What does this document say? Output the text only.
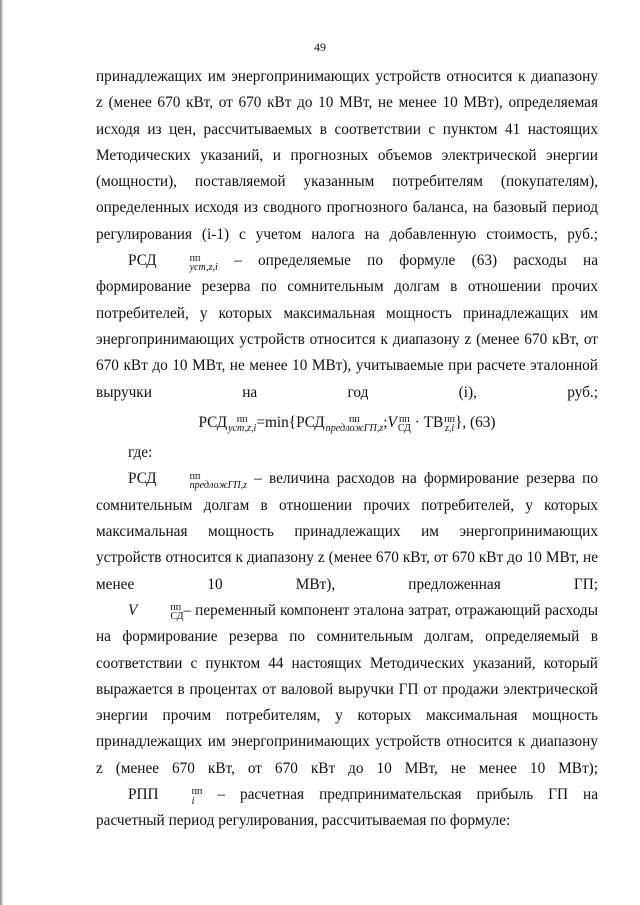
49

принадлежащих им энергопринимающих устройств относится к диапазону z (менее 670 кВт, от 670 кВт до 10 МВт, не менее 10 МВт), определяемая исходя из цен, рассчитываемых в соответствии с пунктом 41 настоящих Методических указаний, и прогнозных объемов электрической энергии (мощности), поставляемой указанным потребителям (покупателям), определенных исходя из сводного прогнозного баланса, на базовый период регулирования (i-1) с учетом налога на добавленную стоимость, руб.;

РСД	пп
уст,z,i – определяемые по формуле (63) расходы на формирование резерва по сомнительным долгам в отношении прочих потребителей, у которых максимальная мощность принадлежащих им энергопринимающих устройств относится к диапазону z (менее 670 кВт, от 670 кВт до 10 МВт, не менее 10 МВт), учитываемые при расчете эталонной выручки на год (i), руб.;

РСД пп
уст,z,i =min{РСД	пп
предложГП,z ;V пп
СД · ТВ пп
z,i }, (63)

где:

РСД	пп
предложГП,z – величина расходов на формирование резерва по сомнительным долгам в отношении прочих потребителей, у которых максимальная мощность принадлежащих им энергопринимающих устройств относится к диапазону z (менее 670 кВт, от 670 кВт до 10 МВт, не менее 10 МВт), предложенная ГП;

V	пп
СД – переменный компонент эталона затрат, отражающий расходы на формирование резерва по сомнительным долгам, определяемый в соответствии с пунктом 44 настоящих Методических указаний, который выражается в процентах от валовой выручки ГП от продажи электрической энергии прочим потребителям, у которых максимальная мощность принадлежащих им энергопринимающих устройств относится к диапазону z (менее 670 кВт, от 670 кВт до 10 МВт, не менее 10 МВт);

РПП	пп
i – расчетная предпринимательская прибыль ГП на расчетный период регулирования, рассчитываемая по формуле:
